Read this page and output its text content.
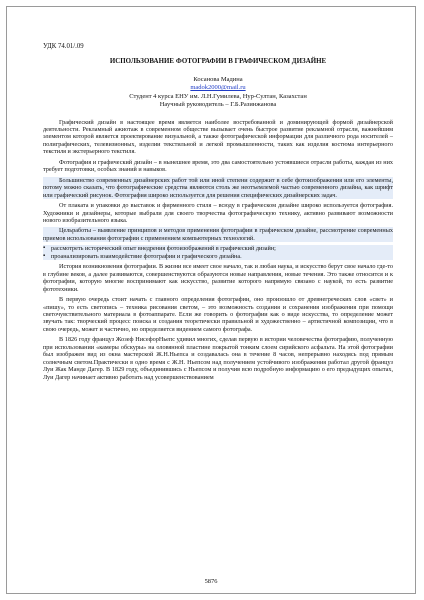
УДК 74.01/.09
ИСПОЛЬЗОВАНИЕ ФОТОГРАФИИ В ГРАФИЧЕСКОМ ДИЗАЙНЕ
Косанова Мадина
madok2000@mail.ru
Студент 4 курса ЕНУ им. Л.Н.Гумилева, Нур-Султан, Казахстан
Научный руководитель – Г.Б.Разинжанова

Графический дизайн в настоящее время является наиболее востребованной и доминирующей формой дизайнерской деятельности. Рекламный ажиотаж в современном обществе вызывает очень быстрое развитие рекламной отрасли, важнейшим элементом которой является проектирование визуальной, а также фотографической информации для различного рода носителей – полиграфических, телевизионных, изделии текстильной и легкой промышленности, таких как изделия костюма интерьерного текстиля и экстерьерного текстиля.

Фотография и графический дизайн – в нынешнее время, это два самостоятельно устоявшиеся отрасли работы, каждая из них требует подготовки, особых знаний и навыков.

Большинство современных дизайнерских работ той или иной степени содержит в себе фотоизображения или его элементы, потому можно сказать, что фотографические средства являются столь же неотъемлемой частью современного дизайна, как шрифт или графический рисунок. Фотография широко используется для решения специфических дизайнерских задач.

От плаката и упаковки до выставок и фирменного стиля – всюду в графическом дизайне широко используется фотография. Художники и дизайнеры, которые выбрали для своего творчества фотографическую технику, активно развивают возможности нового изобразительного языка.

Цельработы – выявление принципов и методов применения фотографии в графическом дизайне, рассмотрение современных приемов использования фотографии с применением компьютерных технологий.

▪ рассмотреть исторический опыт внедрения фотоизображений в графический дизайн;
▪ проанализировать взаимодействие фотографии и графического дизайна.

История возникновения фотографии. В жизни все имеет свое начало, так и любая наука, и искусство берут свое начало где-то в глубине веков, а далее развиваются, совершенствуются образуются новые направления, новые течения. Это также относится и к фотографии, которую многие воспринимают как искусство, развитие которого напрямую связано с наукой, то есть развитие фототехники.

В первую очередь стоит начать с главного определения фотографии, оно произошло от древнегреческих слов «свет» и «пишу», то есть светопись – техника рисования светом, – это возможность создания и сохранения изображения при помощи светочувствительного материала в фотоаппарате. Если же говорить о фотографии как о виде искусства, то определение может звучать так: творческий процесс поиска и создания теоретически правильной и художественно – артистичной композиции, что в свою очередь, может и частично, но определяется видением самого фотографа.

В 1826 году француз Жозеф НисефорНьепс удивил многих, сделав первую в истории человечества фотографию, полученную при использовании «камеры обскуры» на оловянной пластине покрытой тонким слоем сирийского асфальта. На этой фотографии был изображен вид из окна мастерской Ж.Н.Ньепса и создавалась она в течение 8 часов, непрерывно находясь под прямым солнечным светом.Практически в одно время с Ж.Н. Ньепсом над получением устойчивого изображения работал другой француз Луи Жак Манде Дагер. В 1829 году, объединившись с Ньепсом и получив всю подробную информацию о его предыдущих опытах, Луи Дагер начинает активно работать над усовершенствованием

5876
